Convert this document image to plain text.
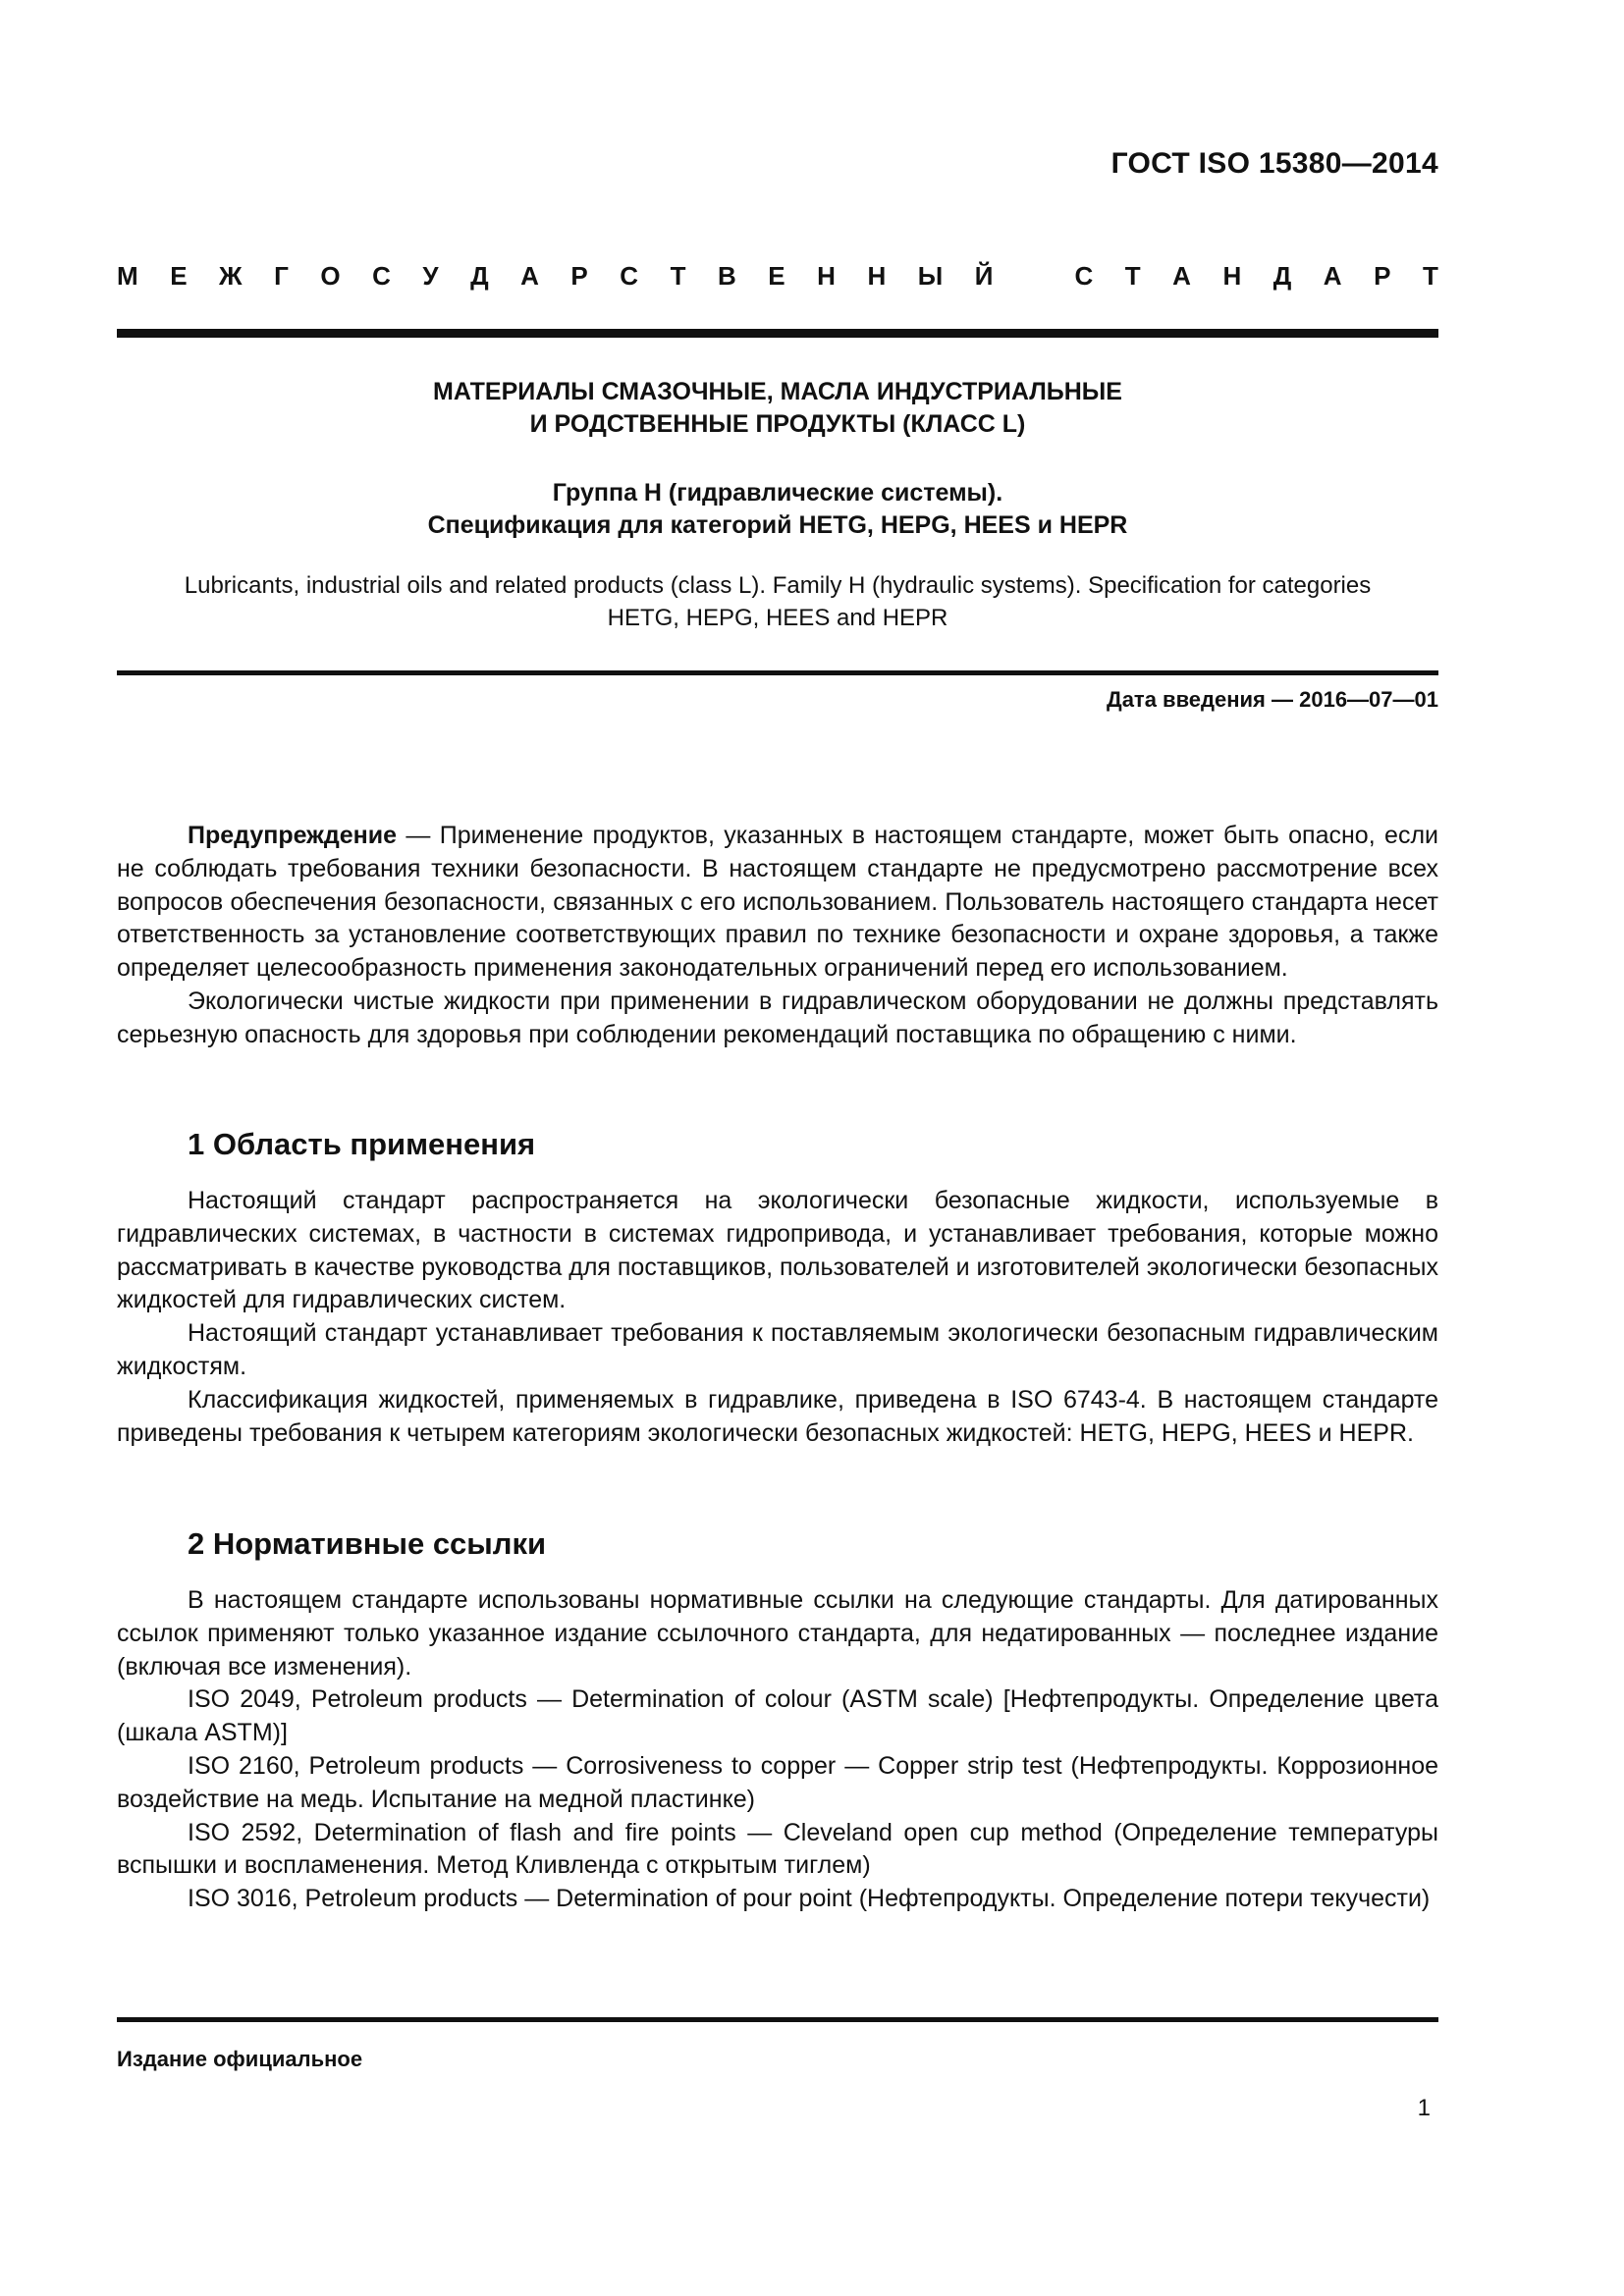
ГОСТ ISO 15380—2014
М Е Ж Г О С У Д А Р С Т В Е Н Н Ы Й	С Т А Н Д А Р Т
МАТЕРИАЛЫ СМАЗОЧНЫЕ, МАСЛА ИНДУСТРИАЛЬНЫЕ
И РОДСТВЕННЫЕ ПРОДУКТЫ (КЛАСС L)
Группа Н (гидравлические системы).
Спецификация для категорий HETG, HEPG, HEES и HEPR
Lubricants, industrial oils and related products (class L). Family H (hydraulic systems). Specification for categories
HETG, HEPG, HEES and HEPR
Дата введения — 2016—07—01

Предупреждение — Применение продуктов, указанных в настоящем стандарте, может быть опасно, если не соблюдать требования техники безопасности. В настоящем стандарте не предусмотрено рассмотрение всех вопросов обеспечения безопасности, связанных с его использованием. Пользователь настоящего стандарта несет ответственность за установление соответствующих правил по технике безопасности и охране здоровья, а также определяет целесообразность применения законодательных ограничений перед его использованием.

Экологически чистые жидкости при применении в гидравлическом оборудовании не должны представлять серьезную опасность для здоровья при соблюдении рекомендаций поставщика по обращению с ними.

1 Область применения

Настоящий стандарт распространяется на экологически безопасные жидкости, используемые в гидравлических системах, в частности в системах гидропривода, и устанавливает требования, которые можно рассматривать в качестве руководства для поставщиков, пользователей и изготовителей экологически безопасных жидкостей для гидравлических систем.

Настоящий стандарт устанавливает требования к поставляемым экологически безопасным гидравлическим жидкостям.

Классификация жидкостей, применяемых в гидравлике, приведена в ISO 6743-4. В настоящем стандарте приведены требования к четырем категориям экологически безопасных жидкостей: HETG, HEPG, HEES и HEPR.

2 Нормативные ссылки

В настоящем стандарте использованы нормативные ссылки на следующие стандарты. Для датированных ссылок применяют только указанное издание ссылочного стандарта, для недатированных — последнее издание (включая все изменения).

ISO 2049, Petroleum products — Determination of colour (ASTM scale) [Нефтепродукты. Определение цвета (шкала ASTM)]

ISO 2160, Petroleum products — Corrosiveness to copper — Copper strip test (Нефтепродукты. Коррозионное воздействие на медь. Испытание на медной пластинке)

ISO 2592, Determination of flash and fire points — Cleveland open cup method (Определение температуры вспышки и воспламенения. Метод Кливленда с открытым тиглем)

ISO 3016, Petroleum products — Determination of pour point (Нефтепродукты. Определение потери текучести)

Издание официальное
1
